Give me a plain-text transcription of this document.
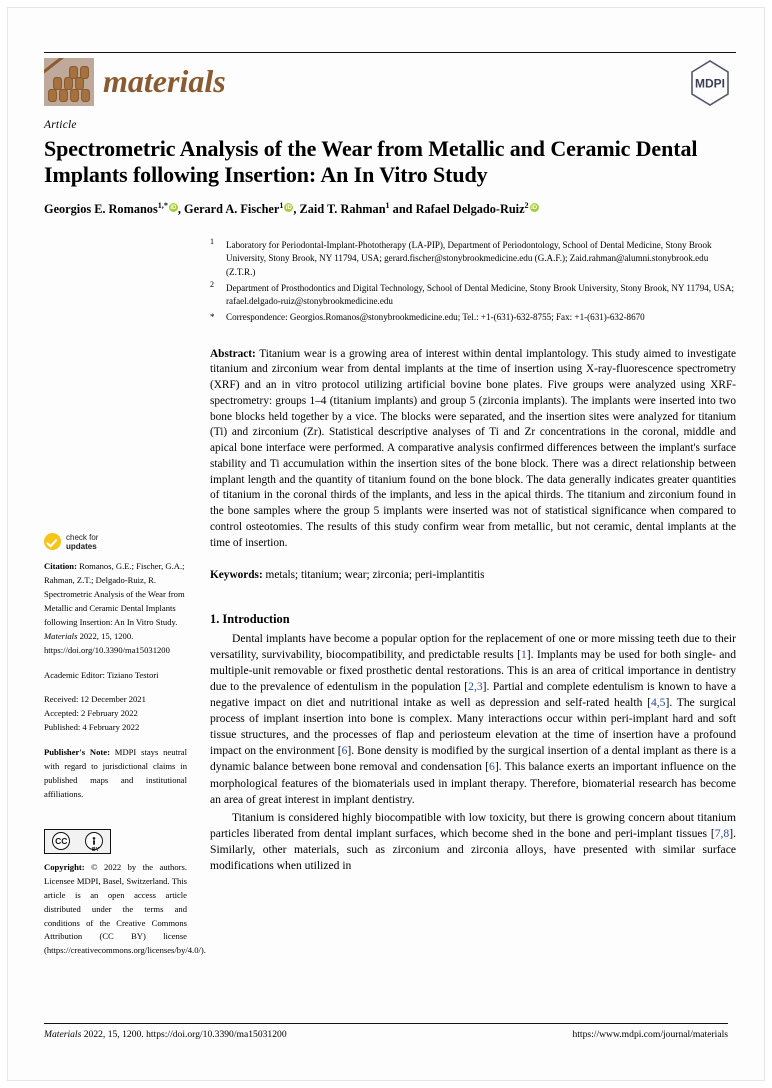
materials	MDPI
Article
Spectrometric Analysis of the Wear from Metallic and Ceramic Dental Implants following Insertion: An In Vitro Study
Georgios E. Romanos$^{1,*}$ iD , Gerard A. Fischer$^1$ iD , Zaid T. Rahman$^1$ and Rafael Delgado-Ruiz$^2$iD
check for
updates
Citation: Romanos, G.E.; Fischer, G.A.; Rahman, Z.T.; Delgado-Ruiz, R. Spectrometric Analysis of the Wear from Metallic and Ceramic Dental Implants following Insertion: An In Vitro Study. Materials 2022, 15, 1200. https://doi.org/10.3390/ma15031200
Academic Editor: Tiziano Testori
Received: 12 December 2021
Accepted: 2 February 2022
Published: 4 February 2022
Publisher's Note: MDPI stays neutral with regard to jurisdictional claims in published maps and institutional affiliations.
CC
BY
Copyright: © 2022 by the authors. Licensee MDPI, Basel, Switzerland. This article is an open access article distributed under the terms and conditions of the Creative Commons Attribution (CC BY) license (https://creativecommons.org/licenses/by/4.0/).
$^1$	Laboratory for Periodontal-Implant-Phototherapy (LA-PIP), Department of Periodontology, School of Dental Medicine, Stony Brook University, Stony Brook, NY 11794, USA; gerard.fischer@stonybrookmedicine.edu (G.A.F.); Zaid.rahman@alumni.stonybrook.edu (Z.T.R.)
$^2$	Department of Prosthodontics and Digital Technology, School of Dental Medicine, Stony Brook University, Stony Brook, NY 11794, USA; rafael.delgado-ruiz@stonybrookmedicine.edu
*	Correspondence: Georgios.Romanos@stonybrookmedicine.edu; Tel.: +1-(631)-632-8755; Fax: +1-(631)-632-8670
Abstract: Titanium wear is a growing area of interest within dental implantology. This study aimed to investigate titanium and zirconium wear from dental implants at the time of insertion using X-ray-fluorescence spectrometry (XRF) and an in vitro protocol utilizing artificial bovine bone plates. Five groups were analyzed using XRF-spectrometry: groups 1–4 (titanium implants) and group 5 (zirconia implants). The implants were inserted into two bone blocks held together by a vice. The blocks were separated, and the insertion sites were analyzed for titanium (Ti) and zirconium (Zr). Statistical descriptive analyses of Ti and Zr concentrations in the coronal, middle and apical bone interface were performed. A comparative analysis confirmed differences between the implant's surface stability and Ti accumulation within the insertion sites of the bone block. There was a direct relationship between implant length and the quantity of titanium found on the bone block. The data generally indicates greater quantities of titanium in the coronal thirds of the implants, and less in the apical thirds. The titanium and zirconium found in the bone samples where the group 5 implants were inserted was not of statistical significance when compared to control osteotomies. The results of this study confirm wear from metallic, but not ceramic, dental implants at the time of insertion.
Keywords: metals; titanium; wear; zirconia; peri-implantitis
1. Introduction

Dental implants have become a popular option for the replacement of one or more missing teeth due to their versatility, survivability, biocompatibility, and predictable results [1]. Implants may be used for both single- and multiple-unit removable or fixed prosthetic dental restorations. This is an area of critical importance in dentistry due to the prevalence of edentulism in the population [2,3]. Partial and complete edentulism is known to have a negative impact on diet and nutritional intake as well as depression and self-rated health [4,5]. The surgical process of implant insertion into bone is complex. Many interactions occur within peri-implant hard and soft tissue structures, and the processes of flap and periosteum elevation at the time of insertion have a profound impact on the environment [6]. Bone density is modified by the surgical insertion of a dental implant as there is a dynamic balance between bone removal and condensation [6]. This balance exerts an important influence on the morphological features of the biomaterials used in implant therapy. Therefore, biomaterial research has become an area of great interest in implant dentistry.

Titanium is considered highly biocompatible with low toxicity, but there is growing concern about titanium particles liberated from dental implant surfaces, which become shed in the bone and peri-implant tissues [7,8]. Similarly, other materials, such as zirconium and zirconia alloys, have presented with similar surface modifications when utilized in

Materials 2022, 15, 1200. https://doi.org/10.3390/ma15031200	https://www.mdpi.com/journal/materials
